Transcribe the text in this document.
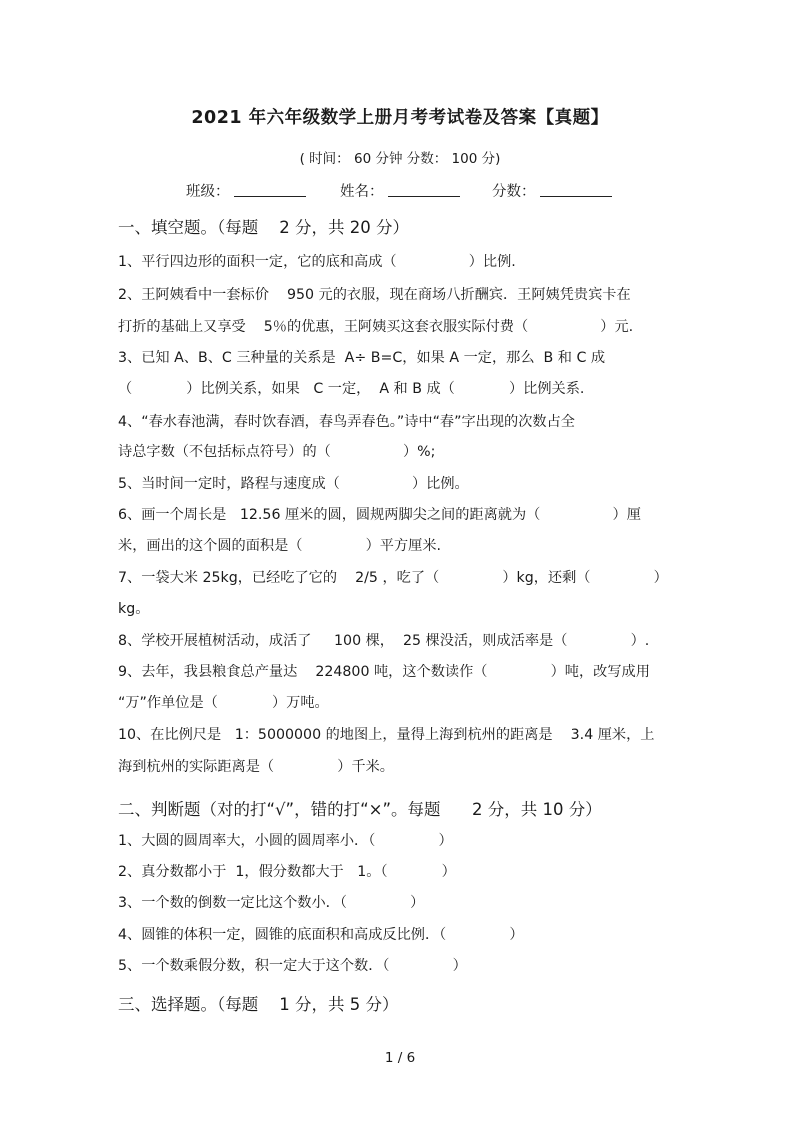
2021 年六年级数学上册月考考试卷及答案【真题】
( 时间： 60 分钟 分数： 100 分)
班级：	姓名：	分数：
一、填空题。（每题    2 分，共 20 分）
1、平行四边形的面积一定，它的底和高成（                ）比例.
2、王阿姨看中一套标价    950 元的衣服，现在商场八折酬宾．王阿姨凭贵宾卡在
打折的基础上又享受    5％的优惠，王阿姨买这套衣服实际付费（                ）元.
3、已知 A、B、C 三种量的关系是  A÷ B=C，如果 A 一定，那么  B 和 C 成
（            ）比例关系，如果   C 一定，  A 和 B 成（            ）比例关系.
4、“春水春池满，春时饮春酒，春鸟弄春色。”诗中“春”字出现的次数占全
诗总字数（不包括标点符号）的（                ）%;
5、当时间一定时，路程与速度成（                ）比例。
6、画一个周长是   12.56 厘米的圆，圆规两脚尖之间的距离就为（                ）厘
米，画出的这个圆的面积是（              ）平方厘米.
7、一袋大米 25kg，已经吃了它的    2/5 ，吃了（              ）kg，还剩（              ）
kg。
8、学校开展植树活动，成活了     100 棵，  25 棵没活，则成活率是（              ）.
9、去年，我县粮食总产量达    224800 吨，这个数读作（              ）吨，改写成用
“万”作单位是（            ）万吨。
10、在比例尺是   1：5000000 的地图上，量得上海到杭州的距离是    3.4 厘米，上
海到杭州的实际距离是（              ）千米。
二、判断题（对的打“√”，错的打“×”。每题      2 分，共 10 分）
1、大圆的圆周率大，小圆的圆周率小．（              ）
2、真分数都小于  1，假分数都大于   1。（            ）
3、一个数的倒数一定比这个数小．（              ）
4、圆锥的体积一定，圆锥的底面积和高成反比例．（              ）
5、一个数乘假分数，积一定大于这个数．（              ）
三、选择题。（每题    1 分，共 5 分）
1 / 6
